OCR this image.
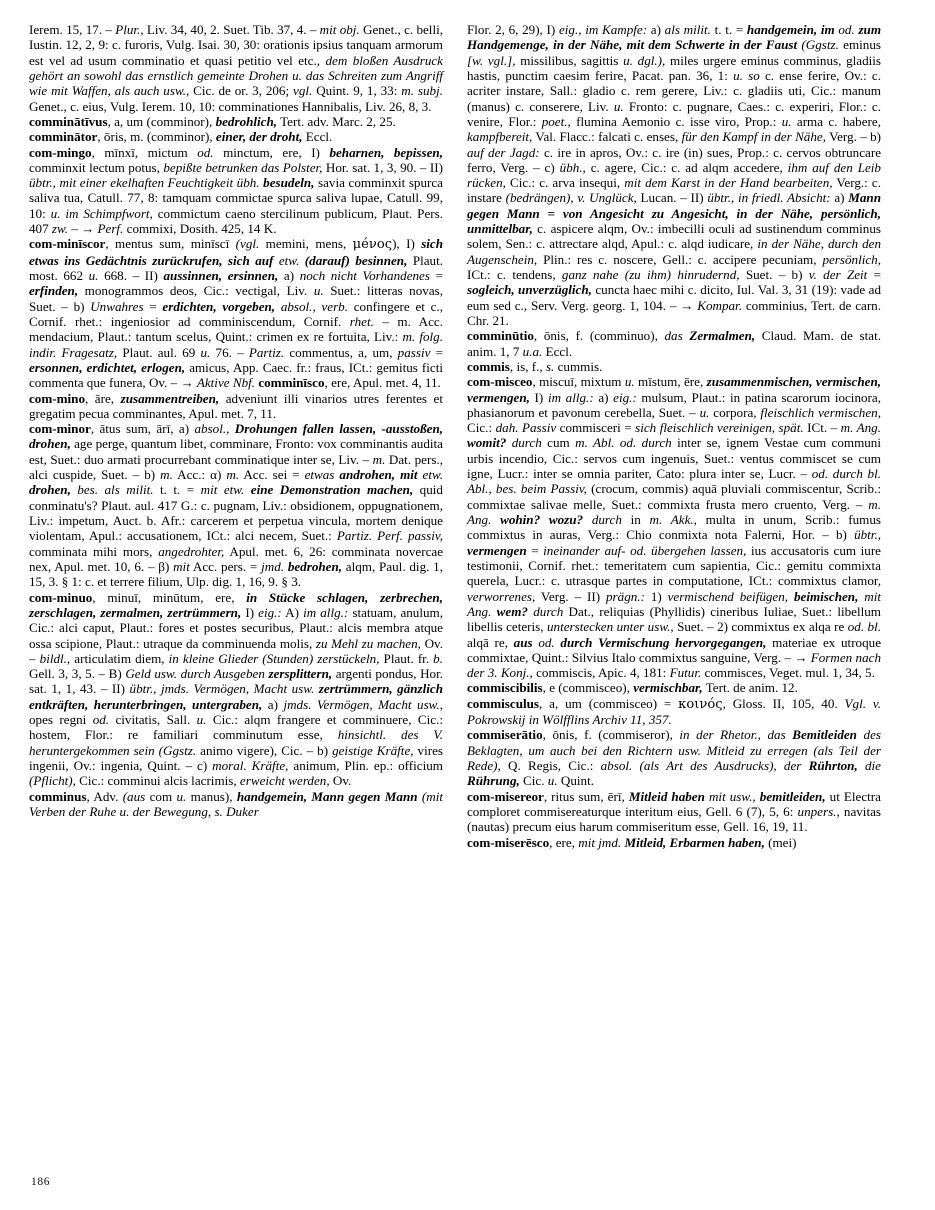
Ierem. 15, 17. – Plur., Liv. 34, 40, 2. Suet. Tib. 37, 4. – mit obj. Genet., c. belli, Iustin. 12, 2, 9: c. furoris, Vulg. Isai. 30, 30: orationis ipsius tanquam armorum est vel ad usum comminatio et quasi petitio vel etc., dem bloßen Ausdruck gehört an sowohl das ernstlich gemeinte Drohen u. das Schreiten zum Angriff wie mit Waffen, als auch usw., Cic. de or. 3, 206; vgl. Quint. 9, 1, 33: m. subj. Genet., c. eius, Vulg. Ierem. 10, 10: comminationes Hannibalis, Liv. 26, 8, 3.

comminātīvus, a, um (comminor), bedrohlich, Tert. adv. Marc. 2, 25.

comminātor, ōris, m. (comminor), einer, der droht, Eccl.

com-mingo, mīnxī, mictum od. minctum, ere, I) beharnen, bepissen, comminxit lectum potus, bepißte betrunken das Polster, Hor. sat. 1, 3, 90. – II) übtr., mit einer ekelhaften Feuchtigkeit übh. besudeln, savia comminxit spurca saliva tua, Catull. 77, 8: tamquam commictae spurca saliva lupae, Catull. 99, 10: u. im Schimpfwort, commictum caeno stercilinum publicum, Plaut. Pers. 407 zw. – → Perf. commixi, Dosith. 425, 14 K.

com-minīscor, mentus sum, minīscī (vgl. memini, mens, μéνος), I) sich etwas ins Gedächtnis zurückrufen, sich auf etw. (darauf) besinnen, Plaut. most. 662 u. 668. – II) aussinnen, ersinnen, a) noch nicht Vorhandenes = erfinden, monogrammos deos, Cic.: vectigal, Liv. u. Suet.: litteras novas, Suet. – b) Unwahres = erdichten, vorgeben, absol., verb. confingere et c., Cornif. rhet.: ingeniosior ad comminiscendum, Cornif. rhet. – m. Acc. mendacium, Plaut.: tantum scelus, Quint.: crimen ex re fortuita, Liv.: m. folg. indir. Fragesatz, Plaut. aul. 69 u. 76. – Partiz. commentus, a, um, passiv = ersonnen, erdichtet, erlogen, amicus, App. Caec. fr.: fraus, ICt.: gemitus ficti commenta que funera, Ov. – → Aktive Nbf. comminīsco, ere, Apul. met. 4, 11.

com-mino, āre, zusammentreiben, adveniunt illi vinarios utres ferentes et gregatim pecua comminantes, Apul. met. 7, 11.

com-minor, ātus sum, ārī, a) absol., Drohungen fallen lassen, -ausstoßen, drohen, age perge, quantum libet, comminare, Fronto: vox comminantis audita est, Suet.: duo armati procurrebant comminatique inter se, Liv. – m. Dat. pers., alci cuspide, Suet. – b) m. Acc.: α) m. Acc. sei = etwas androhen, mit etw. drohen, bes. als milit. t. t. = mit etw. eine Demonstration machen, quid conminatu's? Plaut. aul. 417 G.: c. pugnam, Liv.: obsidionem, oppugnationem, Liv.: impetum, Auct. b. Afr.: carcerem et perpetua vincula, mortem denique violentam, Apul.: accusationem, ICt.: alci necem, Suet.: Partiz. Perf. passiv, comminata mihi mors, angedrohter, Apul. met. 6, 26: comminata novercae nex, Apul. met. 10, 6. – β) mit Acc. pers. = jmd. bedrohen, alqm, Paul. dig. 1, 15, 3. § 1: c. et terrere filium, Ulp. dig. 1, 16, 9. § 3.

com-minuo, minuī, minūtum, ere, in Stücke schlagen, zerbrechen, zerschlagen, zermalmen, zertrümmern, I) eig.: A) im allg.: statuam, anulum, Cic.: alci caput, Plaut.: fores et postes securibus, Plaut.: alcis membra atque ossa scipione, Plaut.: utraque da comminuenda molis, zu Mehl zu machen, Ov. – bildl., articulatim diem, in kleine Glieder (Stunden) zerstückeln, Plaut. fr. b. Gell. 3, 3, 5. – B) Geld usw. durch Ausgeben zersplittern, argenti pondus, Hor. sat. 1, 1, 43. – II) übtr., jmds. Vermögen, Macht usw. zertrümmern, gänzlich entkräften, herunterbringen, untergraben, a) jmds. Vermögen, Macht usw., opes regni od. civitatis, Sall. u. Cic.: alqm frangere et comminuere, Cic.: hostem, Flor.: re familiari comminutum esse, hinsichtl. des V. heruntergekommen sein (Ggstz. animo vigere), Cic. – b) geistige Kräfte, vires ingenii, Ov.: ingenia, Quint. – c) moral. Kräfte, animum, Plin. ep.: officium (Pflicht), Cic.: comminui alcis lacrimis, erweicht werden, Ov.

comminus, Adv. (aus com u. manus), handgemein, Mann gegen Mann (mit Verben der Ruhe u. der Bewegung, s. Duker

Flor. 2, 6, 29), I) eig., im Kampfe: a) als milit. t. t. = handgemein, im od. zum Handgemenge, in der Nähe, mit dem Schwerte in der Faust (Ggstz. eminus [w. vgl.], missilibus, sagittis u. dgl.), miles urgere eminus comminus, gladiis hastis, punctim caesim ferire, Pacat. pan. 36, 1: u. so c. ense ferire, Ov.: c. acriter instare, Sall.: gladio c. rem gerere, Liv.: c. gladiis uti, Cic.: manum (manus) c. conserere, Liv. u. Fronto: c. pugnare, Caes.: c. experiri, Flor.: c. venire, Flor.: poet., flumina Aemonio c. isse viro, Prop.: u. arma c. habere, kampfbereit, Val. Flacc.: falcati c. enses, für den Kampf in der Nähe, Verg. – b) auf der Jagd: c. ire in apros, Ov.: c. ire (in) sues, Prop.: c. cervos obtruncare ferro, Verg. – c) übh., c. agere, Cic.: c. ad alqm accedere, ihm auf den Leib rücken, Cic.: c. arva insequi, mit dem Karst in der Hand bearbeiten, Verg.: c. instare (bedrängen), v. Unglück, Lucan. – II) übtr., in friedl. Absicht: a) Mann gegen Mann = von Angesicht zu Angesicht, in der Nähe, persönlich, unmittelbar, c. aspicere alqm, Ov.: imbecilli oculi ad sustinendum comminus solem, Sen.: c. attrectare alqd, Apul.: c. alqd iudicare, in der Nähe, durch den Augenschein, Plin.: res c. noscere, Gell.: c. accipere pecuniam, persönlich, ICt.: c. tendens, ganz nahe (zu ihm) hinrudernd, Suet. – b) v. der Zeit = sogleich, unverzüglich, cuncta haec mihi c. dicito, Iul. Val. 3, 31 (19): vade ad eum sed c., Serv. Verg. georg. 1, 104. – → Kompar. comminius, Tert. de carn. Chr. 21.

comminūtio, ōnis, f. (comminuo), das Zermalmen, Claud. Mam. de stat. anim. 1, 7 u.a. Eccl.

commis, is, f., s. cummis.

com-misceo, miscuī, mixtum u. mīstum, ēre, zusammenmischen, vermischen, vermengen, I) im allg.: a) eig.: mulsum, Plaut.: in patina scarorum iocinora, phasianorum et pavonum cerebella, Suet. – u. corpora, fleischlich vermischen, Cic.: dah. Passiv commisceri = sich fleischlich vereinigen, spät. ICt. – m. Ang. womit? durch cum m. Abl. od. durch inter se, ignem Vestae cum communi urbis incendio, Cic.: servos cum ingenuis, Suet.: ventus commiscet se cum igne, Lucr.: inter se omnia pariter, Cato: plura inter se, Lucr. – od. durch bl. Abl., bes. beim Passiv, (crocum, commis) aquā pluviali commiscentur, Scrib.: commixtae salivae melle, Suet.: commixta frusta mero cruento, Verg. – m. Ang. wohin? wozu? durch in m. Akk., multa in unum, Scrib.: fumus commixtus in auras, Verg.: Chio conmixta nota Falerni, Hor. – b) übtr., vermengen = ineinander auf- od. übergehen lassen, ius accusatoris cum iure testimonii, Cornif. rhet.: temeritatem cum sapientia, Cic.: gemitu commixta querela, Lucr.: c. utrasque partes in computatione, ICt.: commixtus clamor, verworrenes, Verg. – II) prägn.: 1) vermischend beifügen, beimischen, mit Ang. wem? durch Dat., reliquias (Phyllidis) cineribus Iuliae, Suet.: libellum libellis ceteris, unterstecken unter usw., Suet. – 2) commixtus ex alqa re od. bl. alqā re, aus od. durch Vermischung hervorgegangen, materiae ex utroque commixtae, Quint.: Silvius Italo commixtus sanguine, Verg. – → Formen nach der 3. Konj., commiscis, Apic. 4, 181: Futur. commisces, Veget. mul. 1, 34, 5.

commiscibilis, e (commisceo), vermischbar, Tert. de anim. 12.

commisculus, a, um (commisceo) = κοινóς, Gloss. II, 105, 40. Vgl. v. Pokrowskij in Wölfflins Archiv 11, 357.

commiserātio, ōnis, f. (commiseror), in der Rhetor., das Bemitleiden des Beklagten, um auch bei den Richtern usw. Mitleid zu erregen (als Teil der Rede), Q. Regis, Cic.: absol. (als Art des Ausdrucks), der Rührton, die Rührung, Cic. u. Quint.

com-misereor, ritus sum, ērī, Mitleid haben mit usw., bemitleiden, ut Electra comploret commisereaturque interitum eius, Gell. 6 (7), 5, 6: unpers., navitas (nautas) precum eius harum commiseritum esse, Gell. 16, 19, 11.

com-miserēsco, ere, mit jmd. Mitleid, Erbarmen haben, (mei)

186
